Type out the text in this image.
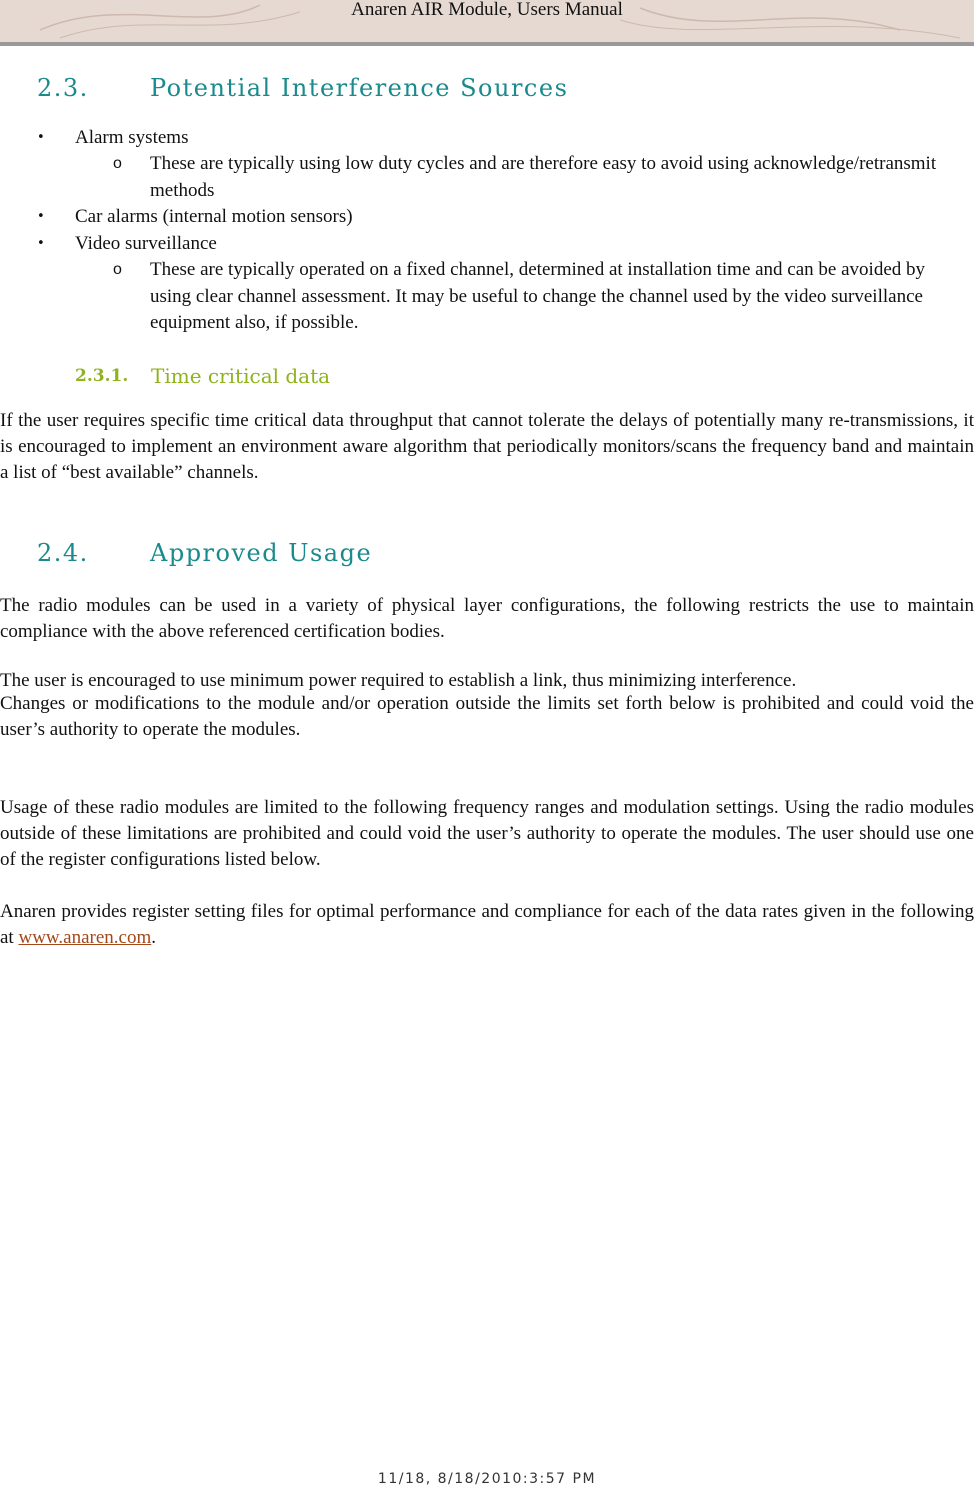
Anaren AIR Module, Users Manual
2.3.	Potential Interference Sources
• Alarm systems
o These are typically using low duty cycles and are therefore easy to avoid using acknowledge/retransmit methods
• Car alarms (internal motion sensors)
• Video surveillance
o These are typically operated on a fixed channel, determined at installation time and can be avoided by using clear channel assessment. It may be useful to change the channel used by the video surveillance equipment also, if possible.
2.3.1. Time critical data
If the user requires specific time critical data throughput that cannot tolerate the delays of potentially many re-transmissions, it is encouraged to implement an environment aware algorithm that periodically monitors/scans the frequency band and maintain a list of “best available” channels.
2.4.	Approved Usage
The radio modules can be used in a variety of physical layer configurations, the following restricts the use to maintain compliance with the above referenced certification bodies.
The user is encouraged to use minimum power required to establish a link, thus minimizing interference.
Changes or modifications to the module and/or operation outside the limits set forth below is prohibited and could void the user’s authority to operate the modules.
Usage of these radio modules are limited to the following frequency ranges and modulation settings. Using the radio modules outside of these limitations are prohibited and could void the user’s authority to operate the modules. The user should use one of the register configurations listed below.
Anaren provides register setting files for optimal performance and compliance for each of the data rates given in the following at www.anaren.com.
11/18, 8/18/2010:3:57 PM
